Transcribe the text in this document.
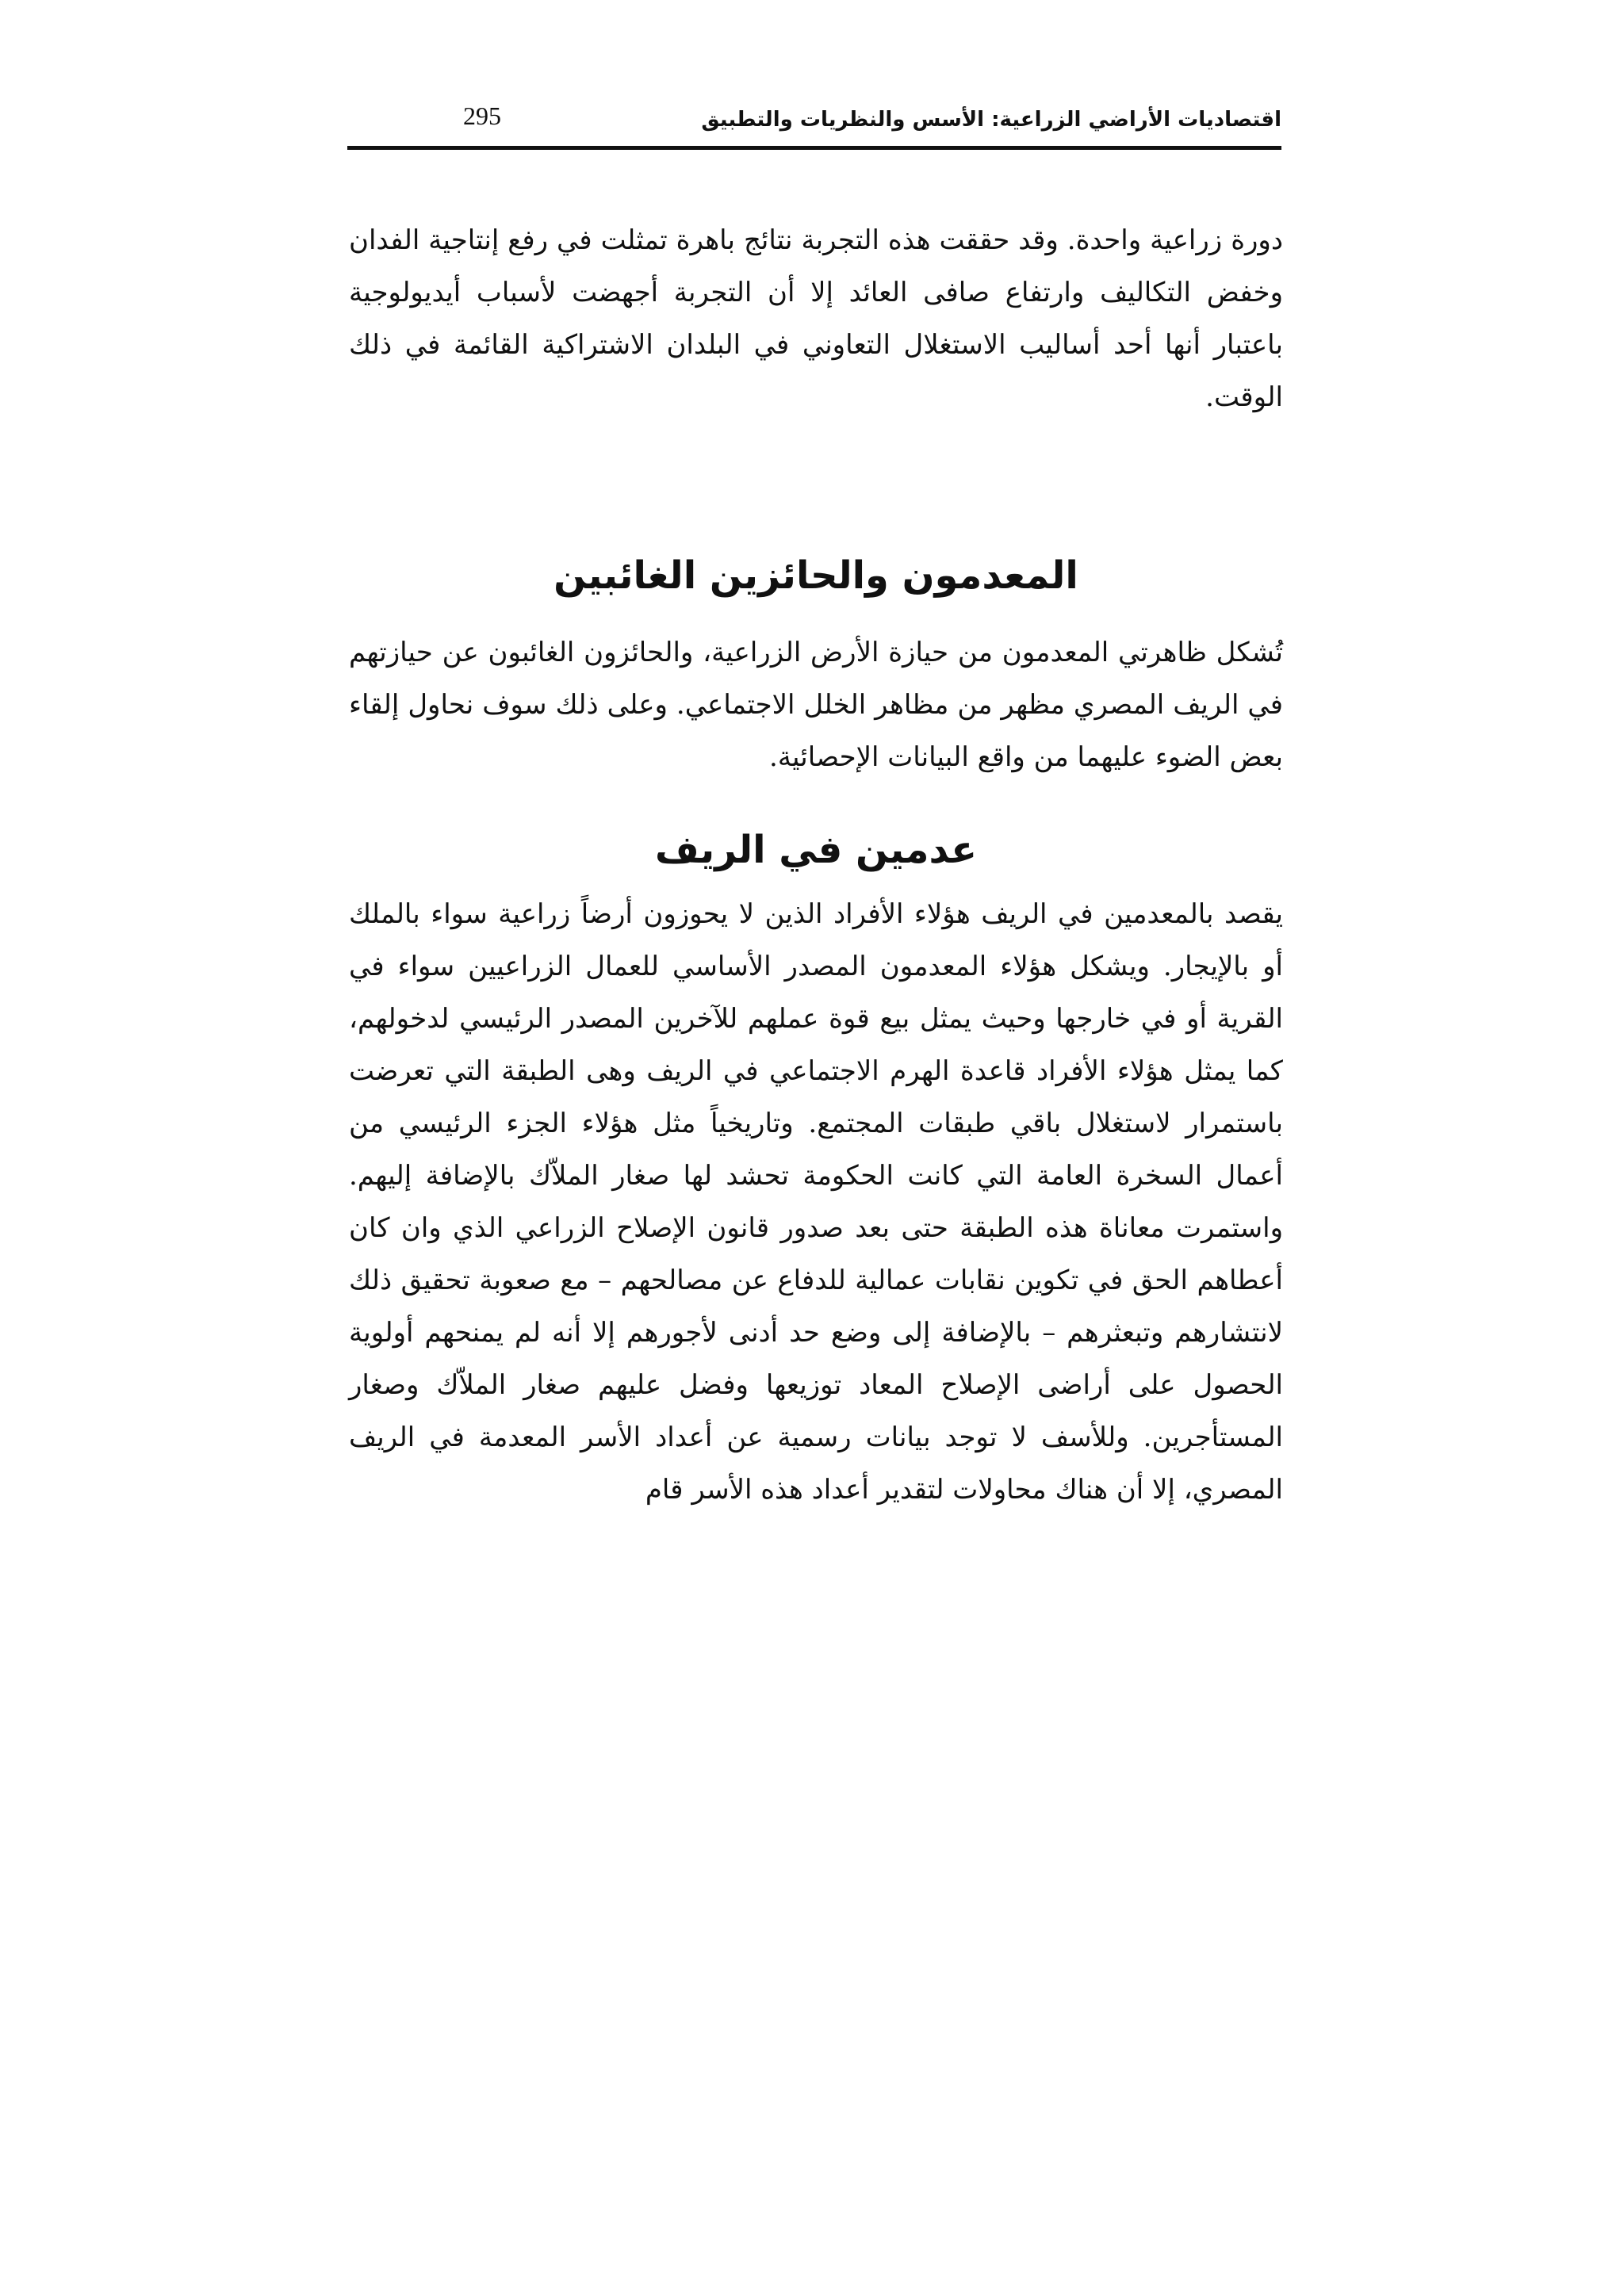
اقتصاديات الأراضي الزراعية: الأسس والنظريات والتطبيق
295

دورة زراعية واحدة. وقد حققت هذه التجربة نتائج باهرة تمثلت في رفع إنتاجية الفدان وخفض التكاليف وارتفاع صافى العائد إلا أن التجربة أجهضت لأسباب أيديولوجية باعتبار أنها أحد أساليب الاستغلال التعاوني في البلدان الاشتراكية القائمة في ذلك الوقت.

المعدمون والحائزين الغائبين

تُشكل ظاهرتي المعدمون من حيازة الأرض الزراعية، والحائزون الغائبون عن حيازتهم في الريف المصري مظهر من مظاهر الخلل الاجتماعي. وعلى ذلك سوف نحاول إلقاء بعض الضوء عليهما من واقع البيانات الإحصائية.

عدمين في الريف

يقصد بالمعدمين في الريف هؤلاء الأفراد الذين لا يحوزون أرضاً زراعية سواء بالملك أو بالإيجار. ويشكل هؤلاء المعدمون المصدر الأساسي للعمال الزراعيين سواء في القرية أو في خارجها وحيث يمثل بيع قوة عملهم للآخرين المصدر الرئيسي لدخولهم، كما يمثل هؤلاء الأفراد قاعدة الهرم الاجتماعي في الريف وهى الطبقة التي تعرضت باستمرار لاستغلال باقي طبقات المجتمع. وتاريخياً مثل هؤلاء الجزء الرئيسي من أعمال السخرة العامة التي كانت الحكومة تحشد لها صغار الملاّك بالإضافة إليهم. واستمرت معاناة هذه الطبقة حتى بعد صدور قانون الإصلاح الزراعي الذي وان كان أعطاهم الحق في تكوين نقابات عمالية للدفاع عن مصالحهم – مع صعوبة تحقيق ذلك لانتشارهم وتبعثرهم – بالإضافة إلى وضع حد أدنى لأجورهم إلا أنه لم يمنحهم أولوية الحصول على أراضى الإصلاح المعاد توزيعها وفضل عليهم صغار الملاّك وصغار المستأجرين. وللأسف لا توجد بيانات رسمية عن أعداد الأسر المعدمة في الريف المصري، إلا أن هناك محاولات لتقدير أعداد هذه الأسر قام
